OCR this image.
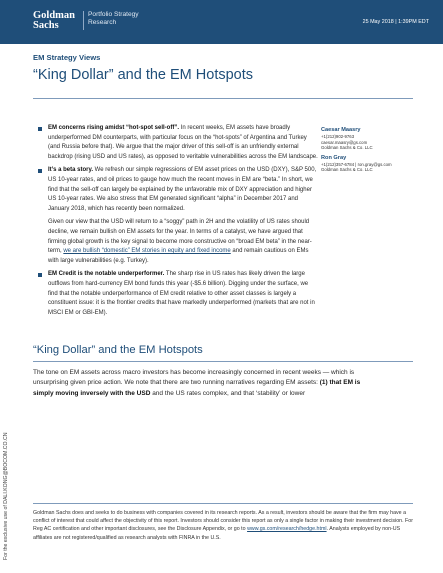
Goldman
Sachs
Portfolio Strategy
Research	25 May 2018 | 1:39PM EDT
For the exclusive use of DALI.KONG@BOCOM.CO.CN
EM Strategy Views
“King Dollar” and the EM Hotspots
EM concerns rising amidst “hot-spot sell-off”. In recent weeks, EM assets have broadly underperformed DM counterparts, with particular focus on the “hot-spots” of Argentina and Turkey (and Russia before that). We argue that the major driver of this sell-off is an unfriendly external backdrop (rising USD and US rates), as opposed to veritable vulnerabilities across the EM landscape.
It’s a beta story. We refresh our simple regressions of EM asset prices on the USD (DXY), S&P 500, US 10-year rates, and oil prices to gauge how much the recent moves in EM are “beta.” In short, we find that the sell-off can largely be explained by the unfavorable mix of DXY appreciation and higher US 10-year rates. We also stress that EM generated significant “alpha” in December 2017 and January 2018, which has recently been normalized.
Given our view that the USD will return to a “soggy” path in 2H and the volatility of US rates should decline, we remain bullish on EM assets for the year. In terms of a catalyst, we have argued that firming global growth is the key signal to become more constructive on “broad EM beta” in the near-term, we are bullish “domestic” EM stories in equity and fixed income and remain cautious on EMs with large vulnerabilities (e.g. Turkey).
EM Credit is the notable underperformer. The sharp rise in US rates has likely driven the large outflows from hard-currency EM bond funds this year (-$5.6 billion). Digging under the surface, we find that the notable underperformance of EM credit relative to other asset classes is largely a constituent issue: it is the frontier credits that have markedly underperformed (markets that are not in MSCI EM or GBI-EM).
Caesar Maasry
+1(212)902-9763
caesar.maasry@gs.com
Goldman Sachs & Co. LLC
Ron Gray
+1(212)357-6784 | ron.gray@gs.com
Goldman Sachs & Co. LLC
“King Dollar” and the EM Hotspots
The tone on EM assets across macro investors has become increasingly concerned in recent weeks — which is unsurprising given price action. We note that there are two running narratives regarding EM assets: (1) that EM is simply moving inversely with the USD and the US rates complex, and that ‘stability’ or lower
Goldman Sachs does and seeks to do business with companies covered in its research reports. As a result, investors should be aware that the firm may have a conflict of interest that could affect the objectivity of this report. Investors should consider this report as only a single factor in making their investment decision. For Reg AC certification and other important disclosures, see the Disclosure Appendix, or go to www.gs.com/research/hedge.html. Analysts employed by non-US affiliates are not registered/qualified as research analysts with FINRA in the U.S.
